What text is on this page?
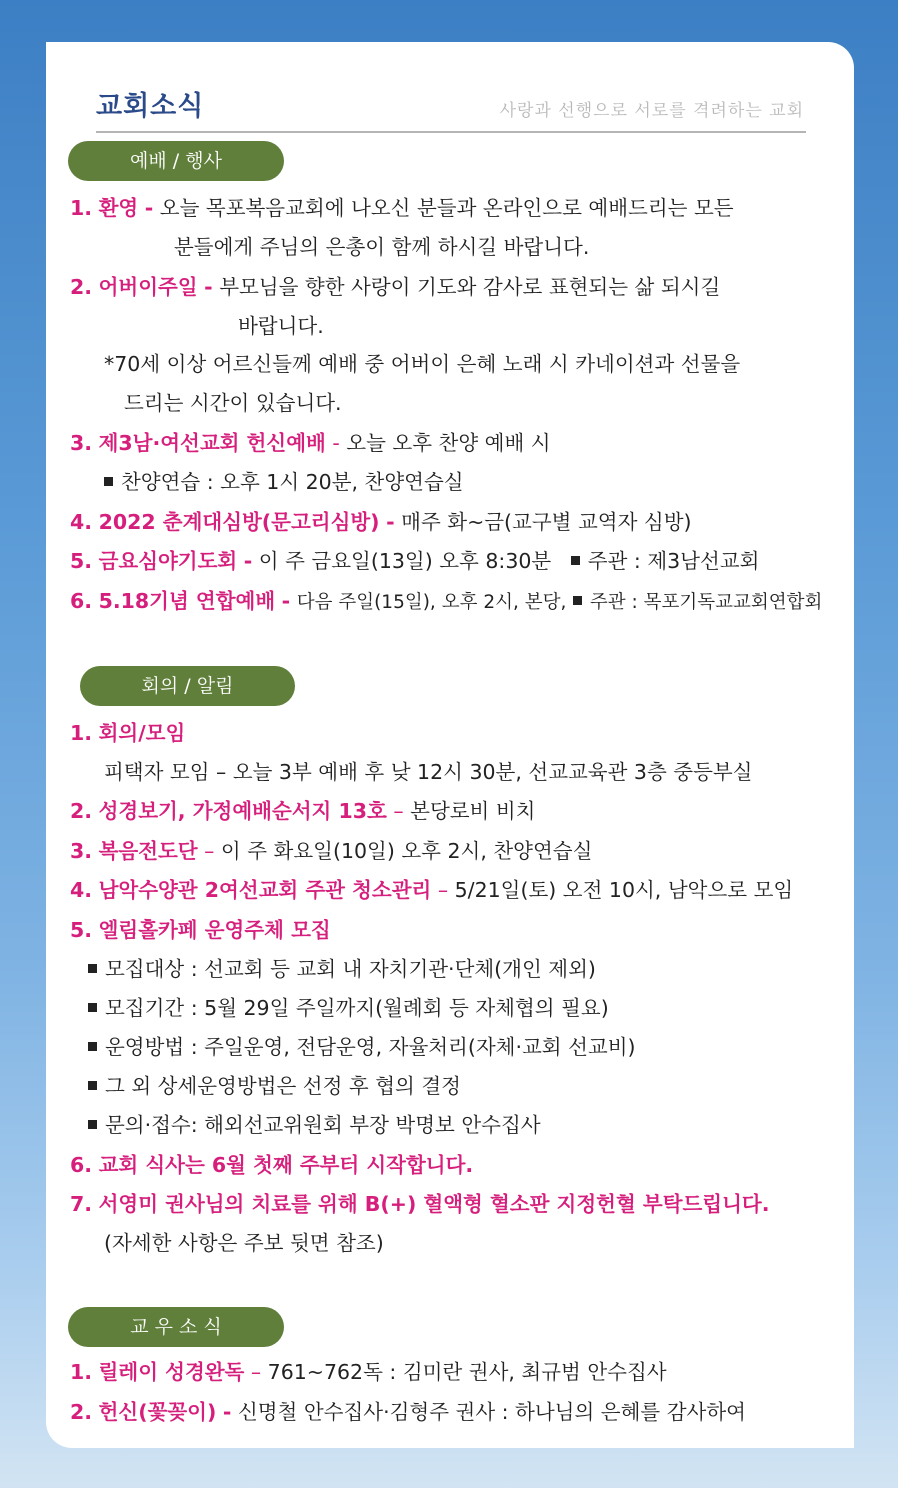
교회소식	사랑과 선행으로 서로를 격려하는 교회
예배 / 행사
1. 환영 - 오늘 목포복음교회에 나오신 분들과 온라인으로 예배드리는 모든
분들에게 주님의 은총이 함께 하시길 바랍니다.
2. 어버이주일 - 부모님을 향한 사랑이 기도와 감사로 표현되는 삶 되시길
바랍니다.
*70세 이상 어르신들께 예배 중 어버이 은혜 노래 시 카네이션과 선물을
드리는 시간이 있습니다.
3. 제3남·여선교회 헌신예배 - 오늘 오후 찬양 예배 시
찬양연습 : 오후 1시 20분, 찬양연습실
4. 2022 춘계대심방(문고리심방) - 매주 화~금(교구별 교역자 심방)
5. 금요심야기도회 - 이 주 금요일(13일) 오후 8:30분 주관 : 제3남선교회
6. 5.18기념 연합예배 - 다음 주일(15일), 오후 2시, 본당, 주관 : 목포기독교교회연합회
회의 / 알림
1. 회의/모임
피택자 모임 – 오늘 3부 예배 후 낮 12시 30분, 선교교육관 3층 중등부실
2. 성경보기, 가정예배순서지 13호 – 본당로비 비치
3. 복음전도단 – 이 주 화요일(10일) 오후 2시, 찬양연습실
4. 남악수양관 2여선교회 주관 청소관리 – 5/21일(토) 오전 10시, 남악으로 모임
5. 엘림홀카페 운영주체 모집
모집대상 : 선교회 등 교회 내 자치기관·단체(개인 제외)
모집기간 : 5월 29일 주일까지(월례회 등 자체협의 필요)
운영방법 : 주일운영, 전담운영, 자율처리(자체·교회 선교비)
그 외 상세운영방법은 선정 후 협의 결정
문의·접수: 해외선교위원회 부장 박명보 안수집사
6. 교회 식사는 6월 첫째 주부터 시작합니다.
7. 서영미 권사님의 치료를 위해 B(+) 혈액형 혈소판 지정헌혈 부탁드립니다.
(자세한 사항은 주보 뒷면 참조)
교 우 소 식
1. 릴레이 성경완독 – 761~762독 : 김미란 권사, 최규범 안수집사
2. 헌신(꽃꽂이) - 신명철 안수집사·김형주 권사 : 하나님의 은혜를 감사하여
